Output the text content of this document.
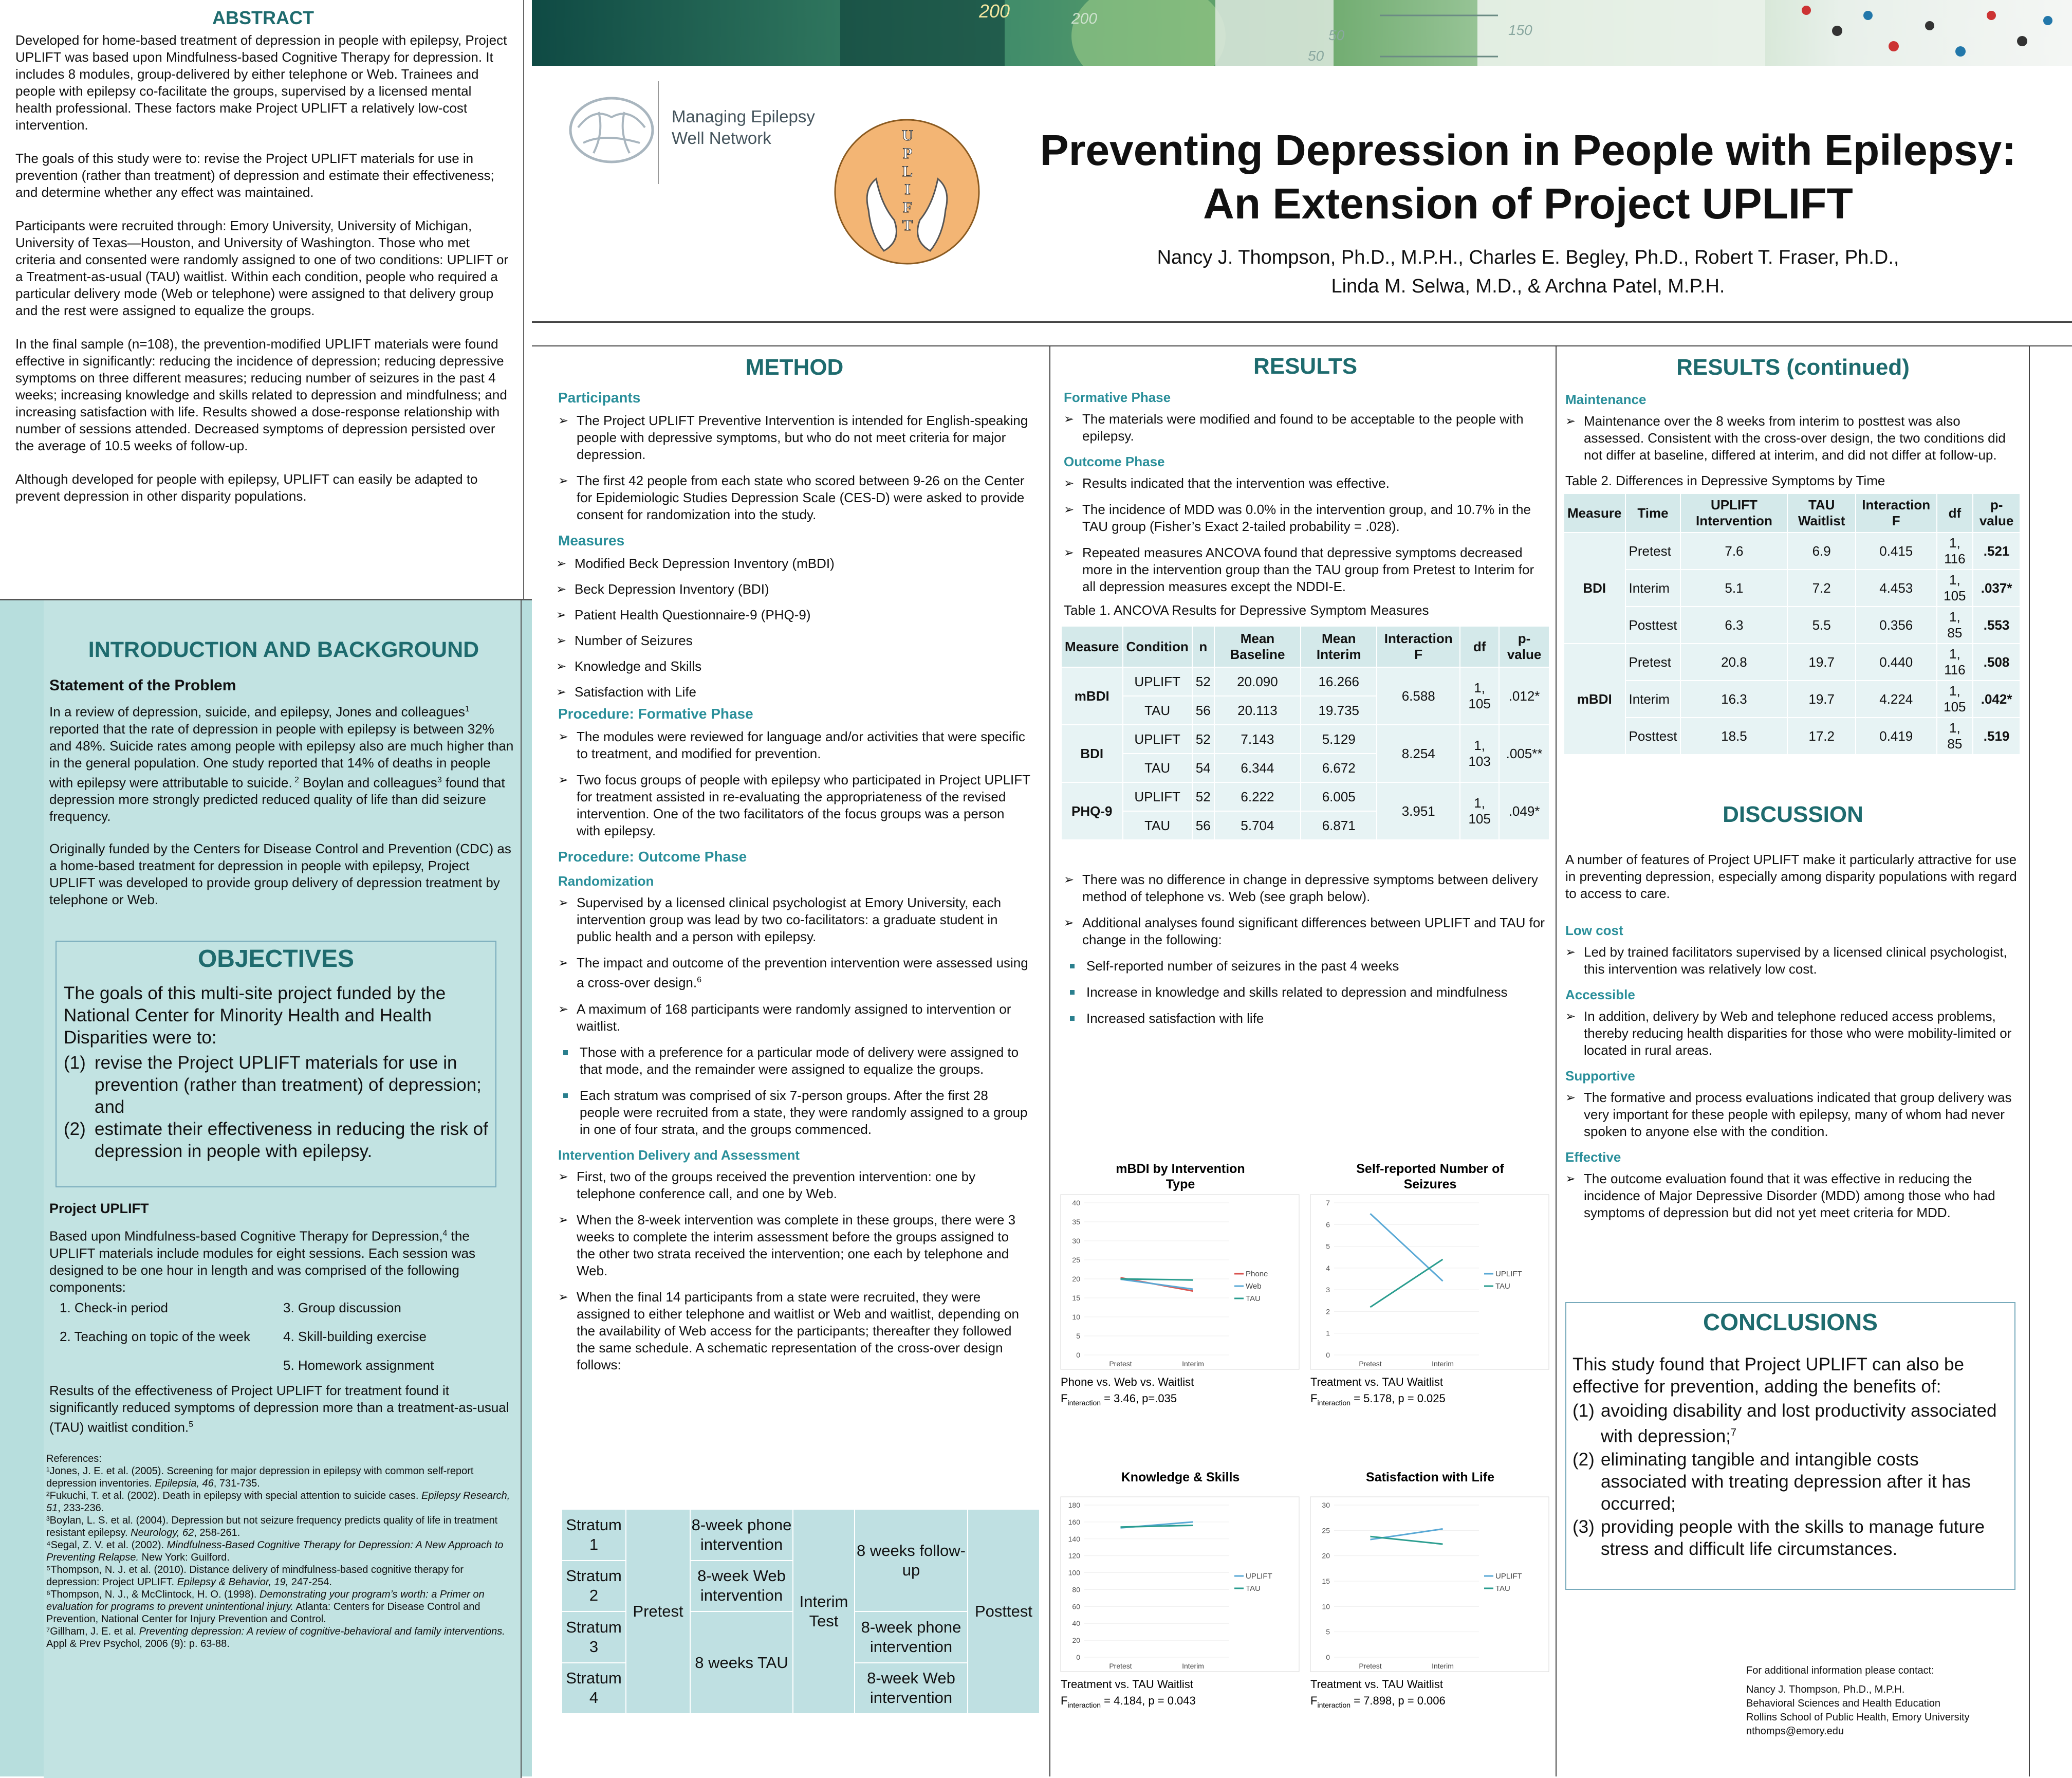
200	200
150
50
50
ABSTRACT

Developed for home-based treatment of depression in people with epilepsy, Project UPLIFT was based upon Mindfulness-based Cognitive Therapy for depression. It includes 8 modules, group-delivered by either telephone or Web. Trainees and people with epilepsy co-facilitate the groups, supervised by a licensed mental health professional. These factors make Project UPLIFT a relatively low-cost intervention.

The goals of this study were to: revise the Project UPLIFT materials for use in prevention (rather than treatment) of depression and estimate their effectiveness; and determine whether any effect was maintained.

Participants were recruited through: Emory University, University of Michigan, University of Texas—Houston, and University of Washington. Those who met criteria and consented were randomly assigned to one of two conditions: UPLIFT or a Treatment-as-usual (TAU) waitlist. Within each condition, people who required a particular delivery mode (Web or telephone) were assigned to that delivery group and the rest were assigned to equalize the groups.

In the final sample (n=108), the prevention-modified UPLIFT materials were found effective in significantly: reducing the incidence of depression; reducing depressive symptoms on three different measures; reducing number of seizures in the past 4 weeks; increasing knowledge and skills related to depression and mindfulness; and increasing satisfaction with life. Results showed a dose-response relationship with number of sessions attended. Decreased symptoms of depression persisted over the average of 10.5 weeks of follow-up.

Although developed for people with epilepsy, UPLIFT can easily be adapted to prevent depression in other disparity populations.

Managing Epilepsy
Well Network	U
P
L
I
F
T
Preventing Depression in People with Epilepsy:
An Extension of Project UPLIFT
Nancy J. Thompson, Ph.D., M.P.H., Charles E. Begley, Ph.D., Robert T. Fraser, Ph.D.,
Linda M. Selwa, M.D., & Archna Patel, M.P.H.
INTRODUCTION AND BACKGROUND
Statement of the Problem

In a review of depression, suicide, and epilepsy, Jones and colleagues$^1$ reported that the rate of depression in people with epilepsy is between 32% and 48%. Suicide rates among people with epilepsy also are much higher than in the general population. One study reported that 14% of deaths in people with epilepsy were attributable to suicide. $^2$ Boylan and colleagues$^3$ found that depression more strongly predicted reduced quality of life than did seizure frequency.

Originally funded by the Centers for Disease Control and Prevention (CDC) as a home-based treatment for depression in people with epilepsy, Project UPLIFT was developed to provide group delivery of depression treatment by telephone or Web.

OBJECTIVES
The goals of this multi-site project funded by the National Center for Minority Health and Health Disparities were to:
(1) revise the Project UPLIFT materials for use in prevention (rather than treatment) of depression; and
(2) estimate their effectiveness in reducing the risk of depression in people with epilepsy.
Project UPLIFT

Based upon Mindfulness-based Cognitive Therapy for Depression,$^4$ the UPLIFT materials include modules for eight sessions. Each session was designed to be one hour in length and was comprised of the following components:

1. Check-in period
2. Teaching on topic of the week
3. Group discussion
4. Skill-building exercise
5. Homework assignment

Results of the effectiveness of Project UPLIFT for treatment found it significantly reduced symptoms of depression more than a treatment-as-usual (TAU) waitlist condition.$^5$

References:

¹Jones, J. E. et al. (2005). Screening for major depression in epilepsy with common self-report depression inventories. Epilepsia, 46, 731-735.

²Fukuchi, T. et al. (2002). Death in epilepsy with special attention to suicide cases. Epilepsy Research, 51, 233-236.

³Boylan, L. S. et al. (2004). Depression but not seizure frequency predicts quality of life in treatment resistant epilepsy. Neurology, 62, 258-261.

⁴Segal, Z. V. et al. (2002). Mindfulness-Based Cognitive Therapy for Depression: A New Approach to Preventing Relapse. New York: Guilford.

⁵Thompson, N. J. et al. (2010). Distance delivery of mindfulness-based cognitive therapy for depression: Project UPLIFT. Epilepsy & Behavior, 19, 247-254.

⁶Thompson, N. J., & McClintock, H. O. (1998). Demonstrating your program’s worth: a Primer on evaluation for programs to prevent unintentional injury. Atlanta: Centers for Disease Control and Prevention, National Center for Injury Prevention and Control.

⁷Gillham, J. E. et al. Preventing depression: A review of cognitive-behavioral and family interventions. Appl & Prev Psychol, 2006 (9): p. 63-88.

METHOD
Participants
➢ The Project UPLIFT Preventive Intervention is intended for English-speaking people with depressive symptoms, but who do not meet criteria for major depression.
➢ The first 42 people from each state who scored between 9-26 on the Center for Epidemiologic Studies Depression Scale (CES-D) were asked to provide consent for randomization into the study.
Measures
➢ Modified Beck Depression Inventory (mBDI)
➢ Beck Depression Inventory (BDI)
➢ Patient Health Questionnaire-9 (PHQ-9)
➢ Number of Seizures
➢ Knowledge and Skills
➢ Satisfaction with Life
Procedure: Formative Phase
➢ The modules were reviewed for language and/or activities that were specific to treatment, and modified for prevention.
➢ Two focus groups of people with epilepsy who participated in Project UPLIFT for treatment assisted in re-evaluating the appropriateness of the revised intervention. One of the two facilitators of the focus groups was a person with epilepsy.
Procedure: Outcome Phase
Randomization
➢ Supervised by a licensed clinical psychologist at Emory University, each intervention group was lead by two co-facilitators: a graduate student in public health and a person with epilepsy.
➢ The impact and outcome of the prevention intervention were assessed using a cross-over design.$^6$
➢ A maximum of 168 participants were randomly assigned to intervention or waitlist.
Those with a preference for a particular mode of delivery were assigned to that mode, and the remainder were assigned to equalize the groups.
Each stratum was comprised of six 7-person groups. After the first 28 people were recruited from a state, they were randomly assigned to a group in one of four strata, and the groups commenced.
Intervention Delivery and Assessment
➢ First, two of the groups received the prevention intervention: one by telephone conference call, and one by Web.
➢ When the 8-week intervention was complete in these groups, there were 3 weeks to complete the interim assessment before the groups assigned to the other two strata received the intervention; one each by telephone and Web.
➢ When the final 14 participants from a state were recruited, they were assigned to either telephone and waitlist or Web and waitlist, depending on the availability of Web access for the participants; thereafter they followed the same schedule. A schematic representation of the cross-over design follows:
Stratum 1	Pretest	8-week phone intervention	Interim Test	8 weeks follow-up	Posttest
Stratum 2		8-week Web intervention			
Stratum 3		8 weeks TAU		8-week phone intervention	
Stratum 4				8-week Web intervention	
RESULTS
Formative Phase
➢ The materials were modified and found to be acceptable to the people with epilepsy.
Outcome Phase
➢ Results indicated that the intervention was effective.
➢ The incidence of MDD was 0.0% in the intervention group, and 10.7% in the TAU group (Fisher’s Exact 2-tailed probability = .028).
➢ Repeated measures ANCOVA found that depressive symptoms decreased more in the intervention group than the TAU group from Pretest to Interim for all depression measures except the NDDI-E.
Table 1. ANCOVA Results for Depressive Symptom Measures
Measure	Condition	n	Mean Baseline	Mean Interim	Interaction F	df	p-value
mBDI	UPLIFT	52	20.090	16.266	6.588	1, 105	.012*
	TAU	56	20.113	19.735			
BDI	UPLIFT	52	7.143	5.129	8.254	1, 103	.005**
	TAU	54	6.344	6.672			
PHQ-9	UPLIFT	52	6.222	6.005	3.951	1, 105	.049*
	TAU	56	5.704	6.871			
➢ There was no difference in change in depressive symptoms between delivery method of telephone vs. Web (see graph below).
➢ Additional analyses found significant differences between UPLIFT and TAU for change in the following:
Self-reported number of seizures in the past 4 weeks
Increase in knowledge and skills related to depression and mindfulness
Increased satisfaction with life
mBDI by Intervention
Type
0
5
10
15
20
25
30
35
40
Pretest	Interim
Phone
Web
TAU
Phone vs. Web vs. Waitlist
$F_{interaction} = 3.46$, p=.035
Self-reported Number of
Seizures
0
1
2
3
4
5
6
7
Pretest	Interim
UPLIFT
TAU
Treatment vs. TAU Waitlist
$F_{interaction} = 5.178$, p = 0.025
Knowledge & Skills
0
20
40
60
80
100
120
140
160
180
Pretest	Interim
UPLIFT
TAU
Treatment vs. TAU Waitlist
$F_{interaction} = 4.184$, p = 0.043
Satisfaction with Life
0
5
10
15
20
25
30
Pretest	Interim
UPLIFT
TAU
Treatment vs. TAU Waitlist
$F_{interaction} = 7.898$, p = 0.006
RESULTS (continued)
Maintenance
➢ Maintenance over the 8 weeks from interim to posttest was also assessed. Consistent with the cross-over design, the two conditions did not differ at baseline, differed at interim, and did not differ at follow-up.
Table 2. Differences in Depressive Symptoms by Time
Measure	Time	UPLIFT Intervention	TAU Waitlist	Interaction F	df	p-value
BDI	Pretest	7.6	6.9	0.415	1, 116	.521
	Interim	5.1	7.2	4.453	1, 105	.037*
	Posttest	6.3	5.5	0.356	1, 85	.553
mBDI	Pretest	20.8	19.7	0.440	1, 116	.508
	Interim	16.3	19.7	4.224	1, 105	.042*
	Posttest	18.5	17.2	0.419	1, 85	.519
DISCUSSION

A number of features of Project UPLIFT make it particularly attractive for use in preventing depression, especially among disparity populations with regard to access to care.

Low cost
➢ Led by trained facilitators supervised by a licensed clinical psychologist, this intervention was relatively low cost.
Accessible
➢ In addition, delivery by Web and telephone reduced access problems, thereby reducing health disparities for those who were mobility-limited or located in rural areas.
Supportive
➢ The formative and process evaluations indicated that group delivery was very important for these people with epilepsy, many of whom had never spoken to anyone else with the condition.
Effective
➢ The outcome evaluation found that it was effective in reducing the incidence of Major Depressive Disorder (MDD) among those who had symptoms of depression but did not yet meet criteria for MDD.
CONCLUSIONS
This study found that Project UPLIFT can also be effective for prevention, adding the benefits of:
(1) avoiding disability and lost productivity associated with depression;$^7$
(2) eliminating tangible and intangible costs associated with treating depression after it has occurred;
(3) providing people with the skills to manage future stress and difficult life circumstances.
For additional information please contact:
Nancy J. Thompson, Ph.D., M.P.H.
Behavioral Sciences and Health Education
Rollins School of Public Health, Emory University
nthomps@emory.edu
